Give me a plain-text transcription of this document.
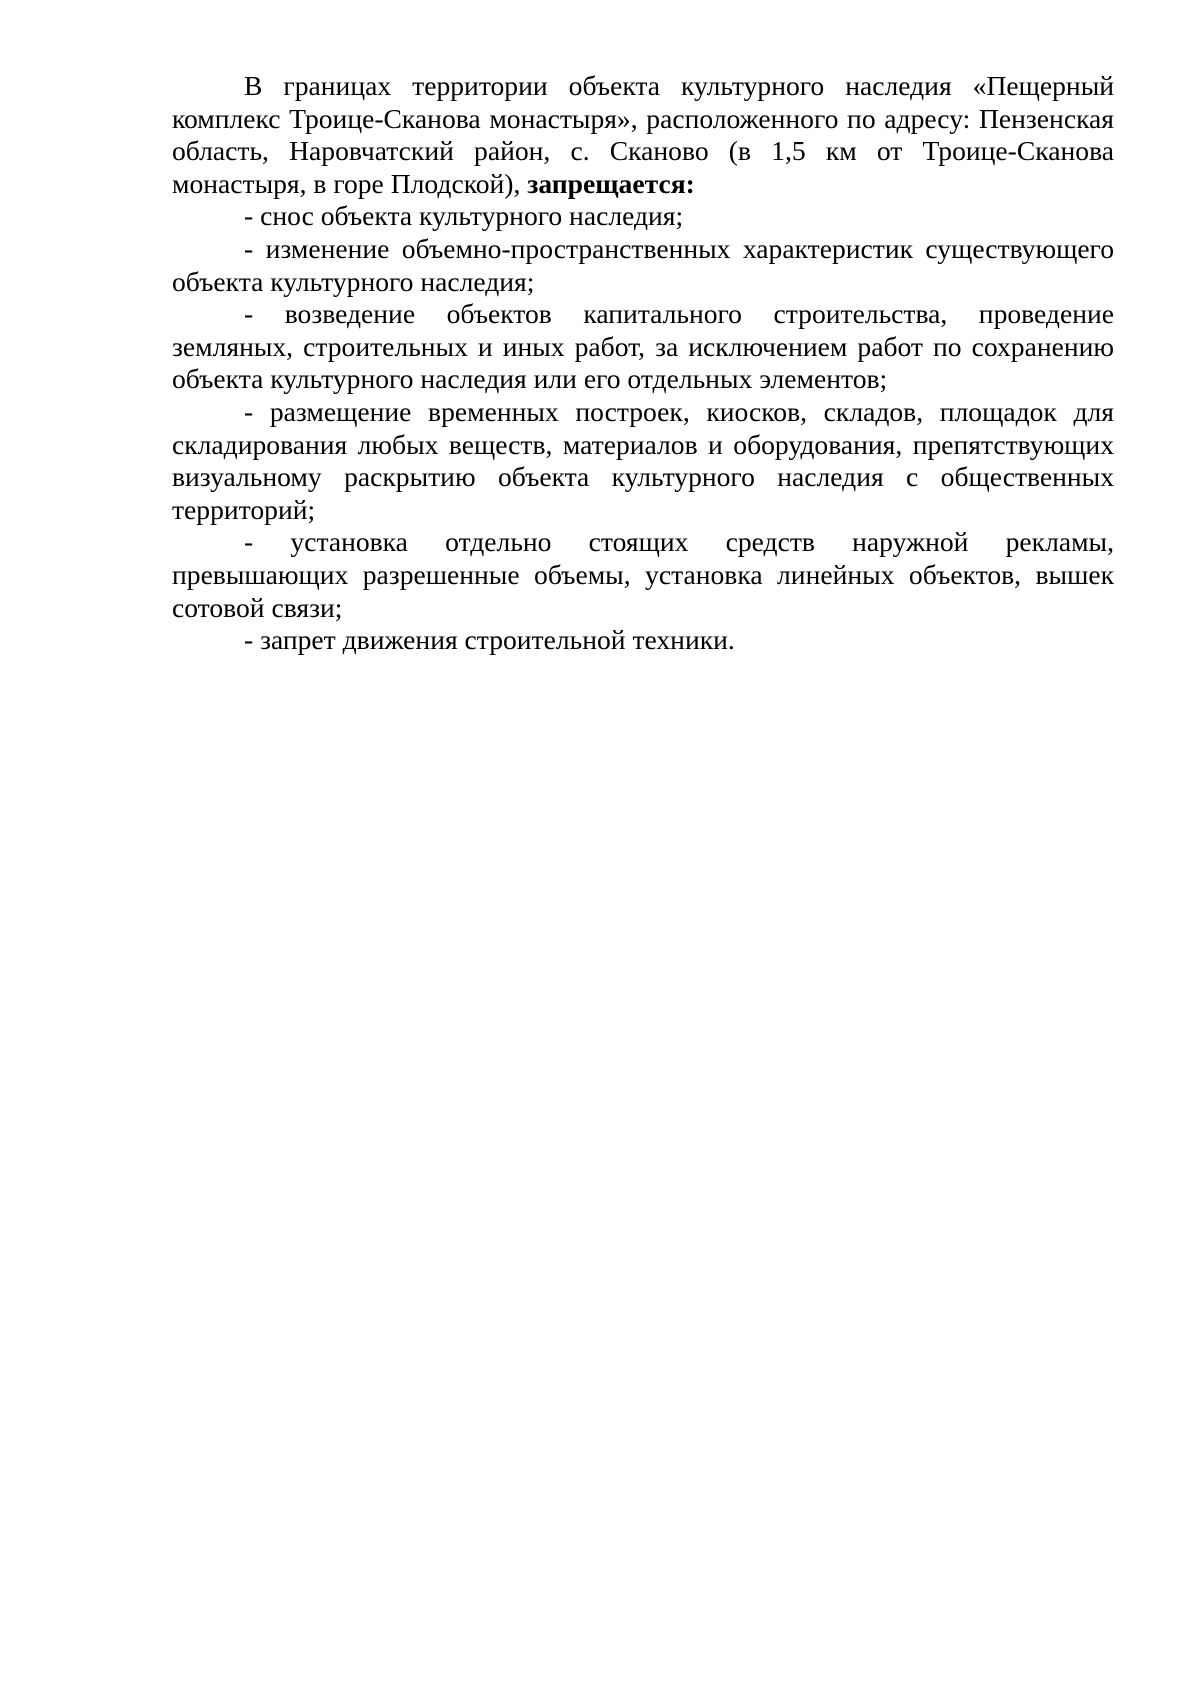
В границах территории объекта культурного наследия «Пещерный комплекс Троице-Сканова монастыря», расположенного по адресу: Пензенская область, Наровчатский район, с. Сканово (в 1,5 км от Троице-Сканова монастыря, в горе Плодской), запрещается:

- снос объекта культурного наследия;

- изменение объемно-пространственных характеристик существующего объекта культурного наследия;

- возведение объектов капитального строительства, проведение земляных, строительных и иных работ, за исключением работ по сохранению объекта культурного наследия или его отдельных элементов;

- размещение временных построек, киосков, складов, площадок для складирования любых веществ, материалов и оборудования, препятствующих визуальному раскрытию объекта культурного наследия с общественных территорий;

- установка отдельно стоящих средств наружной рекламы, превышающих разрешенные объемы, установка линейных объектов, вышек сотовой связи;

- запрет движения строительной техники.
